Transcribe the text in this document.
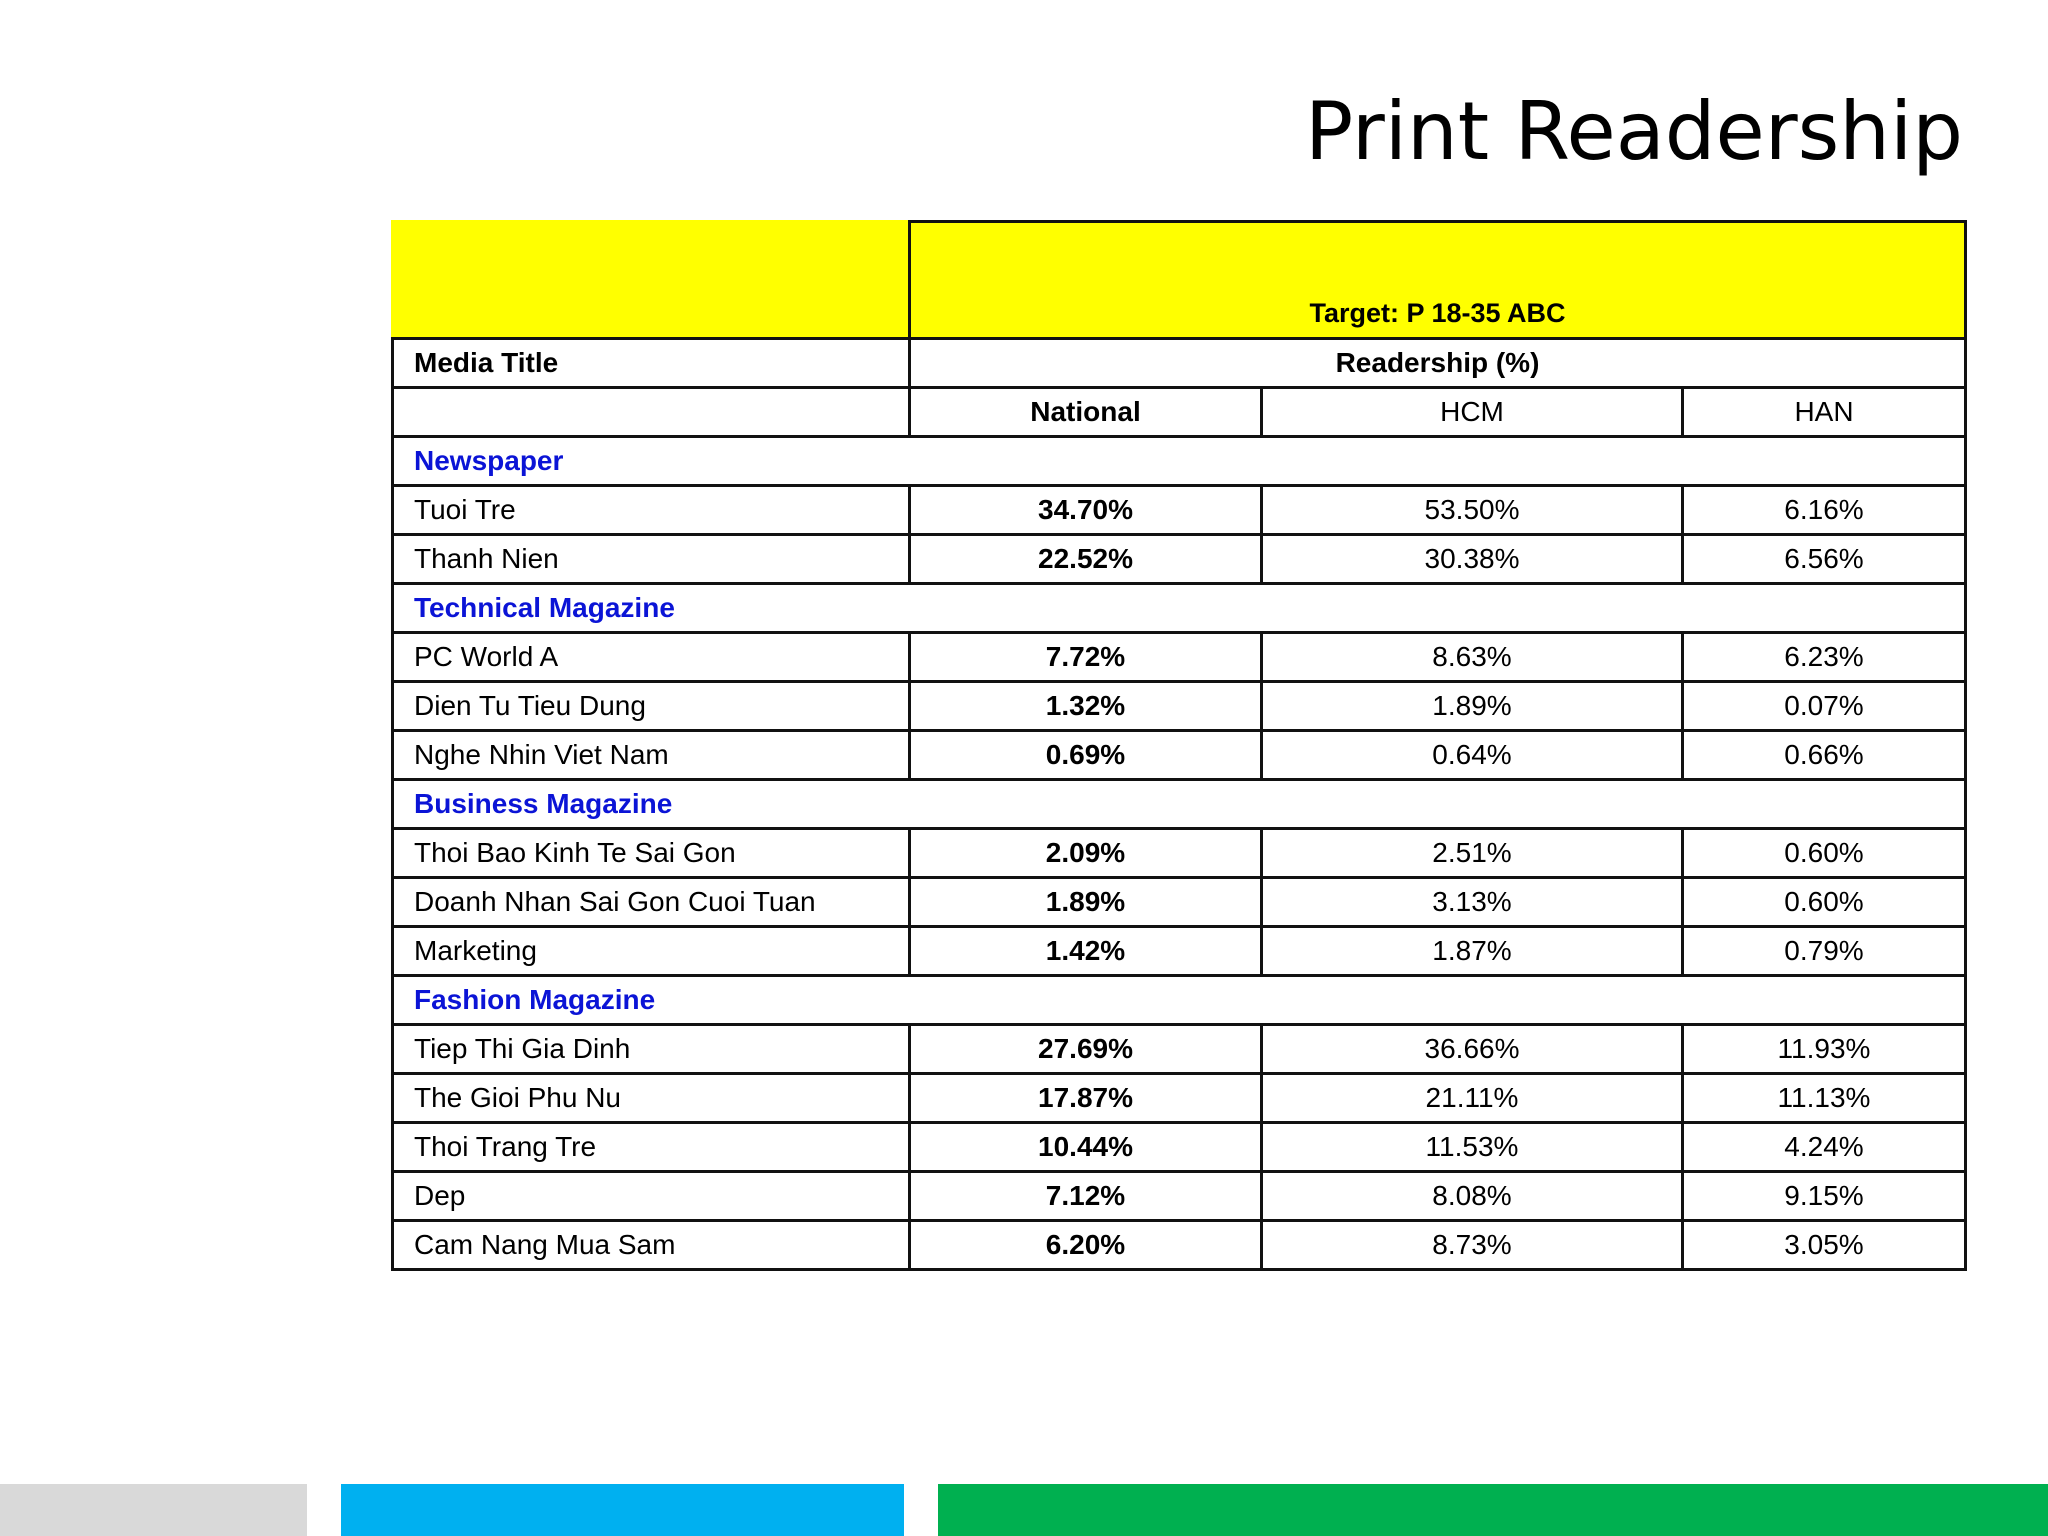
Print Readership
	Target: P 18-35 ABC		
Media Title	Readership (%)		
	National	HCM	HAN
Newspaper			
Tuoi Tre	34.70%	53.50%	6.16%
Thanh Nien	22.52%	30.38%	6.56%
Technical Magazine			
PC World A	7.72%	8.63%	6.23%
Dien Tu Tieu Dung	1.32%	1.89%	0.07%
Nghe Nhin Viet Nam	0.69%	0.64%	0.66%
Business Magazine			
Thoi Bao Kinh Te Sai Gon	2.09%	2.51%	0.60%
Doanh Nhan Sai Gon Cuoi Tuan	1.89%	3.13%	0.60%
Marketing	1.42%	1.87%	0.79%
Fashion Magazine			
Tiep Thi Gia Dinh	27.69%	36.66%	11.93%
The Gioi Phu Nu	17.87%	21.11%	11.13%
Thoi Trang Tre	10.44%	11.53%	4.24%
Dep	7.12%	8.08%	9.15%
Cam Nang Mua Sam	6.20%	8.73%	3.05%
